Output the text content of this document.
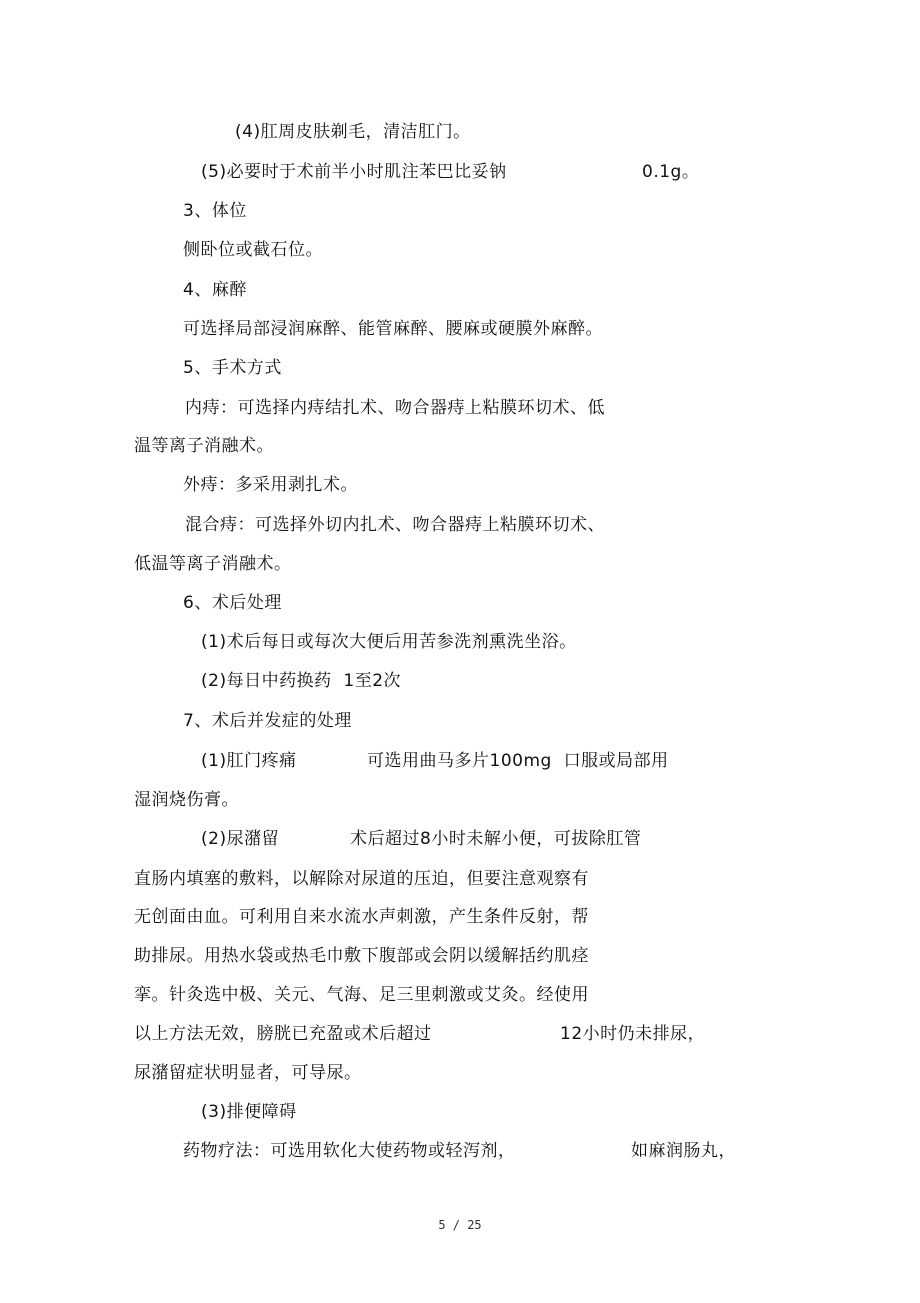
(4)肛周皮肤剃毛，清洁肛门。
(5)必要时于术前半小时肌注苯巴比妥钠	0.1g。
3、体位
侧卧位或截石位。
4、麻醉
可选择局部浸润麻醉、能管麻醉、腰麻或硬膜外麻醉。
5、手术方式
内痔：可选择内痔结扎术、吻合器痔上粘膜环切术、低
温等离子消融术。
外痔：多采用剥扎术。
混合痔：可选择外切内扎术、吻合器痔上粘膜环切术、
低温等离子消融术。
6、术后处理
(1)术后每日或每次大便后用苦参洗剂熏洗坐浴。
(2)每日中药换药  1至2次
7、术后并发症的处理
(1)肛门疼痛	可选用曲马多片100mg  口服或局部用
湿润烧伤膏。
(2)尿潴留	术后超过8小时未解小便，可拔除肛管
直肠内填塞的敷料，以解除对尿道的压迫，但要注意观察有
无创面由血。可利用自来水流水声刺激，产生条件反射，帮
助排尿。用热水袋或热毛巾敷下腹部或会阴以缓解括约肌痉
挛。针灸选中极、关元、气海、足三里刺激或艾灸。经使用
以上方法无效，膀胱已充盈或术后超过	12小时仍未排尿，
尿潴留症状明显者，可导尿。
(3)排便障碍
药物疗法：可选用软化大使药物或轻泻剂，	如麻润肠丸，
5 / 25
